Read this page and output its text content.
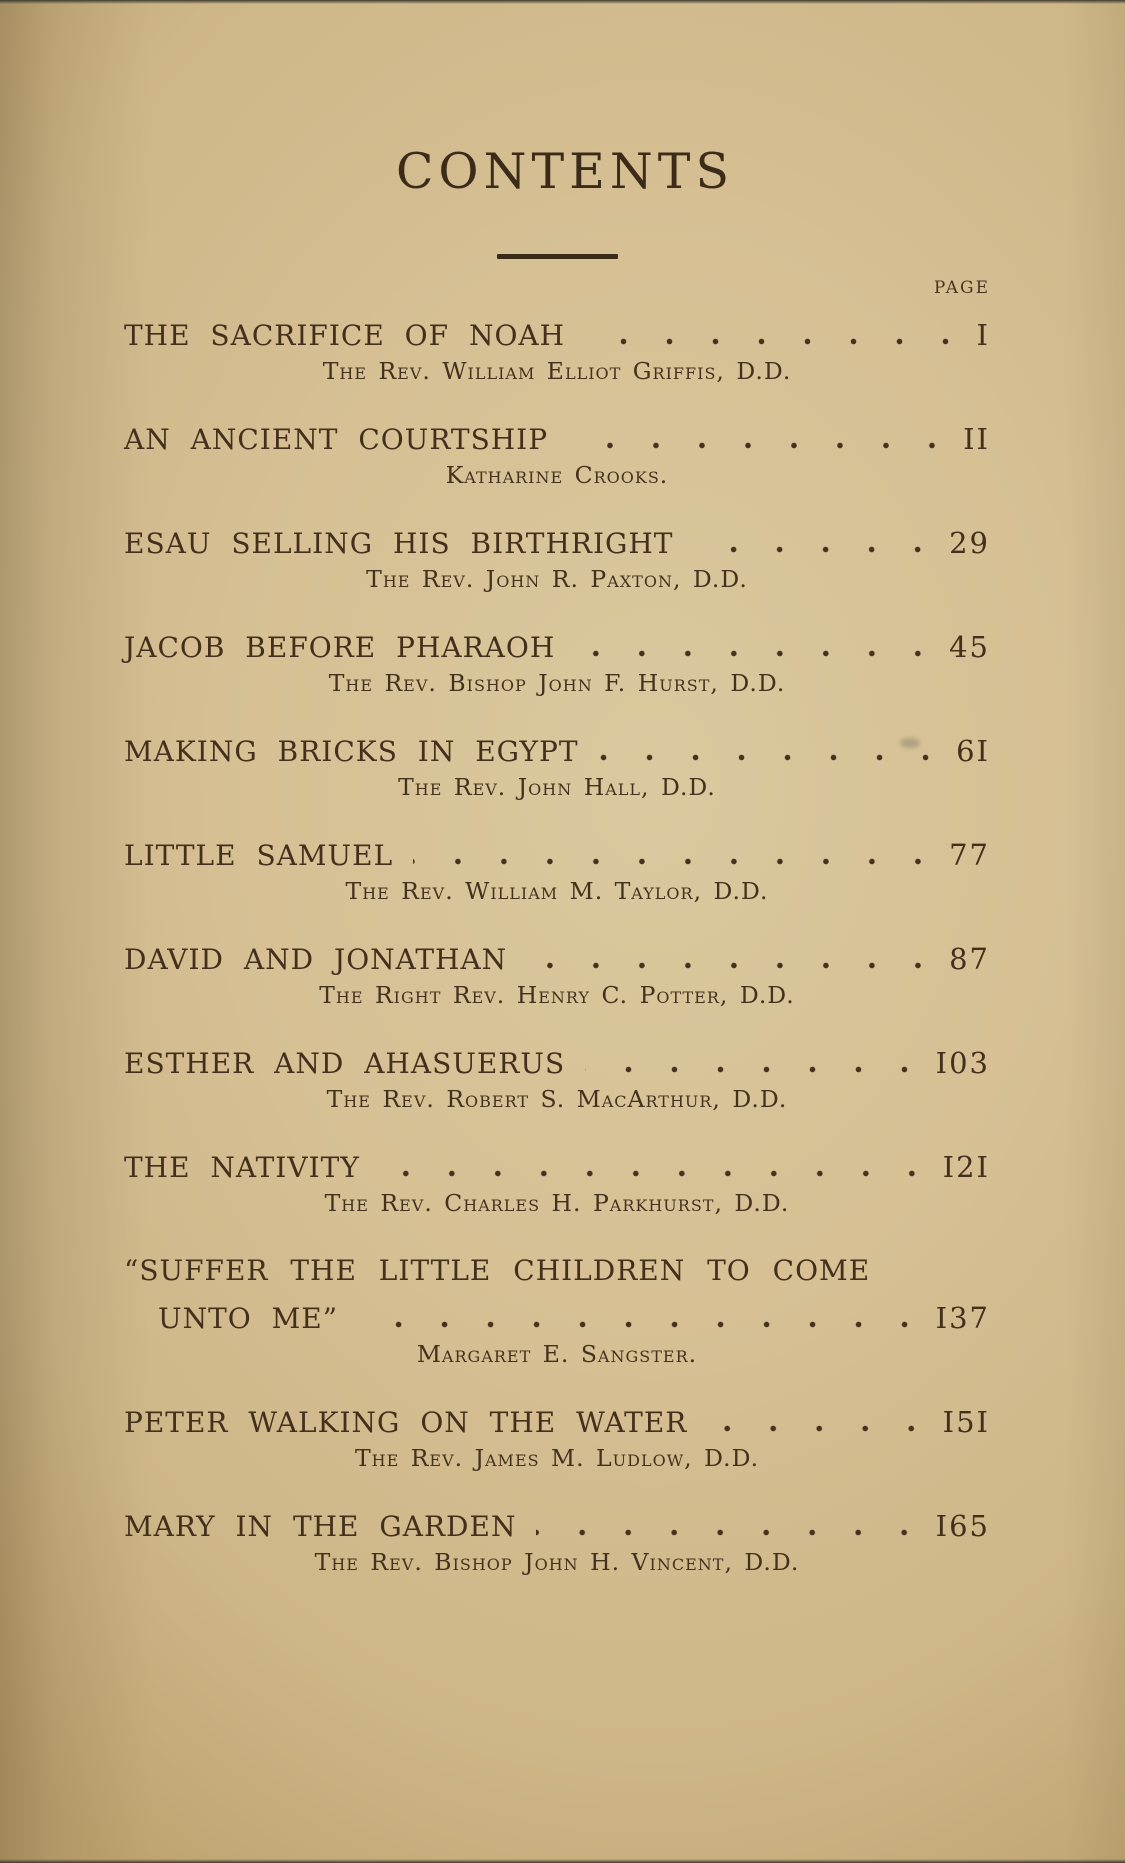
CONTENTS
PAGE
THE SACRIFICE OF NOAH	I
The Rev. William Elliot Griffis, D.D.
AN ANCIENT COURTSHIP	II
Katharine Crooks.
ESAU SELLING HIS BIRTHRIGHT	29
The Rev. John R. Paxton, D.D.
JACOB BEFORE PHARAOH	45
The Rev. Bishop John F. Hurst, D.D.
MAKING BRICKS IN EGYPT	6I
The Rev. John Hall, D.D.
LITTLE SAMUEL	77
The Rev. William M. Taylor, D.D.
DAVID AND JONATHAN	87
The Right Rev. Henry C. Potter, D.D.
ESTHER AND AHASUERUS	I03
The Rev. Robert S. MacArthur, D.D.
THE NATIVITY	I2I
The Rev. Charles H. Parkhurst, D.D.
“SUFFER THE LITTLE CHILDREN TO COME
UNTO ME”	I37
Margaret E. Sangster.
PETER WALKING ON THE WATER	I5I
The Rev. James M. Ludlow, D.D.
MARY IN THE GARDEN	I65
The Rev. Bishop John H. Vincent, D.D.
